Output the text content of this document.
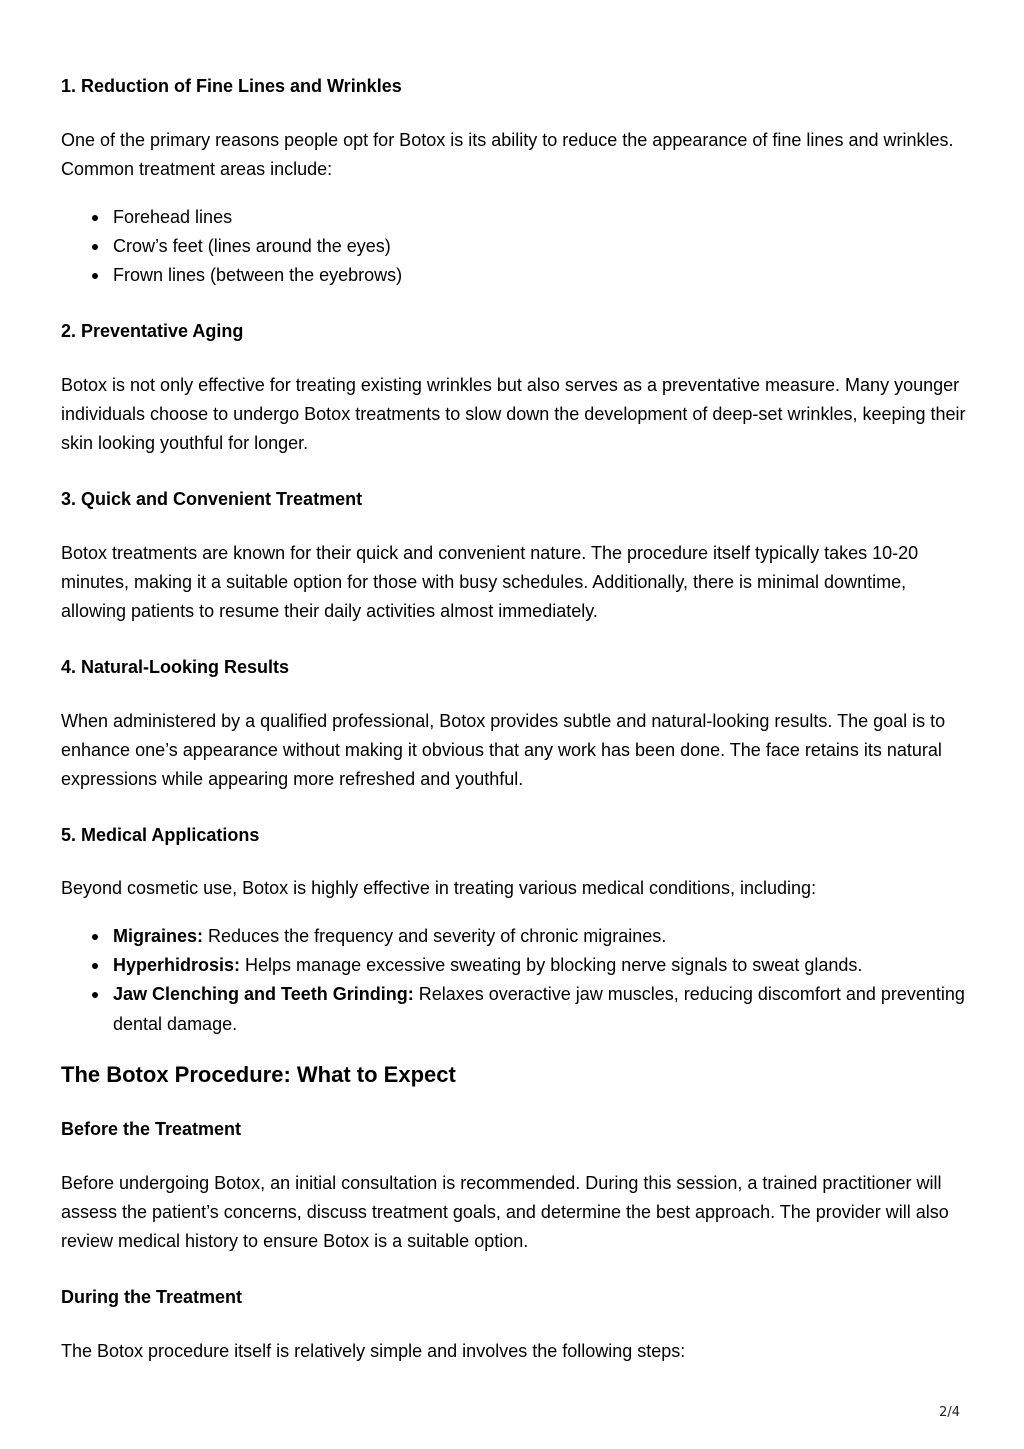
1. Reduction of Fine Lines and Wrinkles

One of the primary reasons people opt for Botox is its ability to reduce the appearance of fine lines and wrinkles. Common treatment areas include:

Forehead lines
Crow’s feet (lines around the eyes)
Frown lines (between the eyebrows)
2. Preventative Aging

Botox is not only effective for treating existing wrinkles but also serves as a preventative measure. Many younger individuals choose to undergo Botox treatments to slow down the development of deep-set wrinkles, keeping their skin looking youthful for longer.

3. Quick and Convenient Treatment

Botox treatments are known for their quick and convenient nature. The procedure itself typically takes 10-20 minutes, making it a suitable option for those with busy schedules. Additionally, there is minimal downtime, allowing patients to resume their daily activities almost immediately.

4. Natural-Looking Results

When administered by a qualified professional, Botox provides subtle and natural-looking results. The goal is to enhance one’s appearance without making it obvious that any work has been done. The face retains its natural expressions while appearing more refreshed and youthful.

5. Medical Applications

Beyond cosmetic use, Botox is highly effective in treating various medical conditions, including:

Migraines: Reduces the frequency and severity of chronic migraines.
Hyperhidrosis: Helps manage excessive sweating by blocking nerve signals to sweat glands.
Jaw Clenching and Teeth Grinding: Relaxes overactive jaw muscles, reducing discomfort and preventing dental damage.
The Botox Procedure: What to Expect
Before the Treatment

Before undergoing Botox, an initial consultation is recommended. During this session, a trained practitioner will assess the patient’s concerns, discuss treatment goals, and determine the best approach. The provider will also review medical history to ensure Botox is a suitable option.

During the Treatment

The Botox procedure itself is relatively simple and involves the following steps:

2/4
